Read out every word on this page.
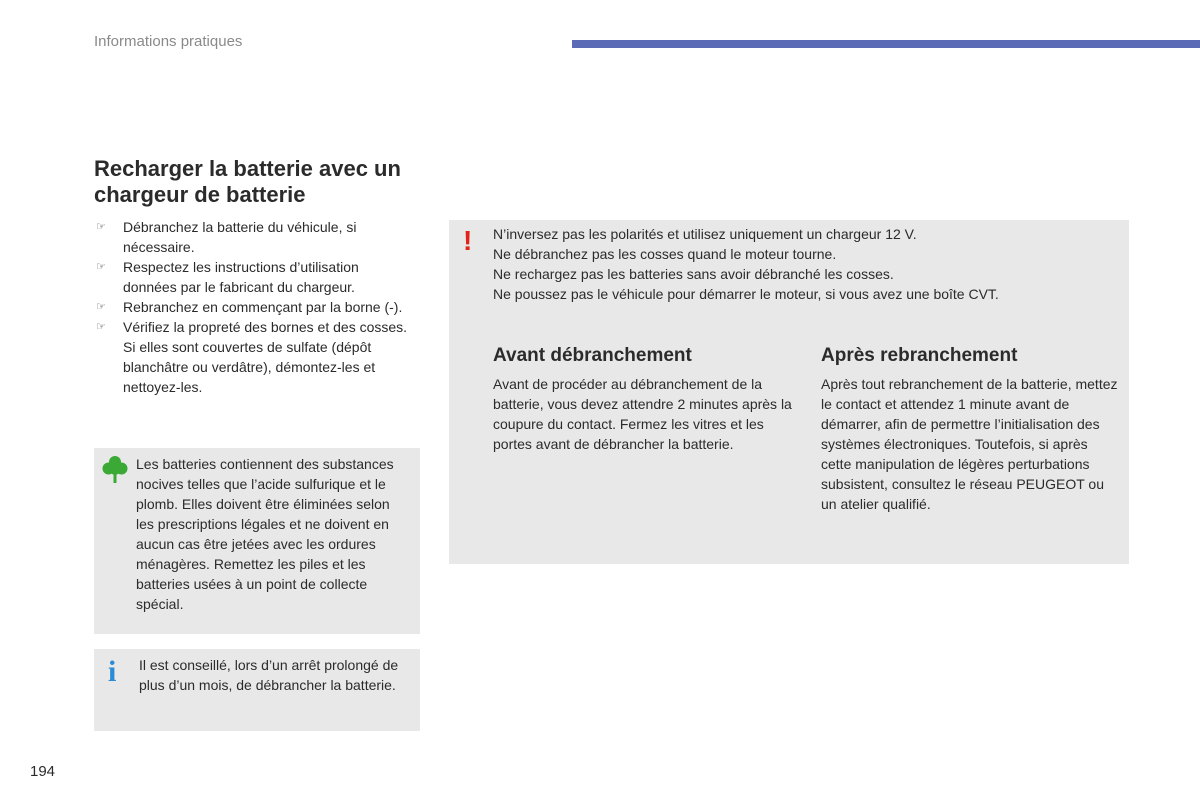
Informations pratiques
Recharger la batterie avec un chargeur de batterie
☞ Débranchez la batterie du véhicule, si nécessaire.
☞ Respectez les instructions d’utilisation données par le fabricant du chargeur.
☞ Rebranchez en commençant par la borne (-).
☞ Vérifiez la propreté des bornes et des cosses. Si elles sont couvertes de sulfate (dépôt blanchâtre ou verdâtre), démontez-les et nettoyez-les.
Les batteries contiennent des substances nocives telles que l’acide sulfurique et le plomb. Elles doivent être éliminées selon les prescriptions légales et ne doivent en aucun cas être jetées avec les ordures ménagères. Remettez les piles et les batteries usées à un point de collecte spécial.
i Il est conseillé, lors d’un arrêt prolongé de plus d’un mois, de débrancher la batterie.
! N’inversez pas les polarités et utilisez uniquement un chargeur 12 V.
Ne débranchez pas les cosses quand le moteur tourne.
Ne rechargez pas les batteries sans avoir débranché les cosses.
Ne poussez pas le véhicule pour démarrer le moteur, si vous avez une boîte CVT.
Avant débranchement
Avant de procéder au débranchement de la batterie, vous devez attendre 2 minutes après la coupure du contact. Fermez les vitres et les portes avant de débrancher la batterie.
Après rebranchement
Après tout rebranchement de la batterie, mettez le contact et attendez 1 minute avant de démarrer, afin de permettre l’initialisation des systèmes électroniques. Toutefois, si après cette manipulation de légères perturbations subsistent, consultez le réseau PEUGEOT ou un atelier qualifié.
194
